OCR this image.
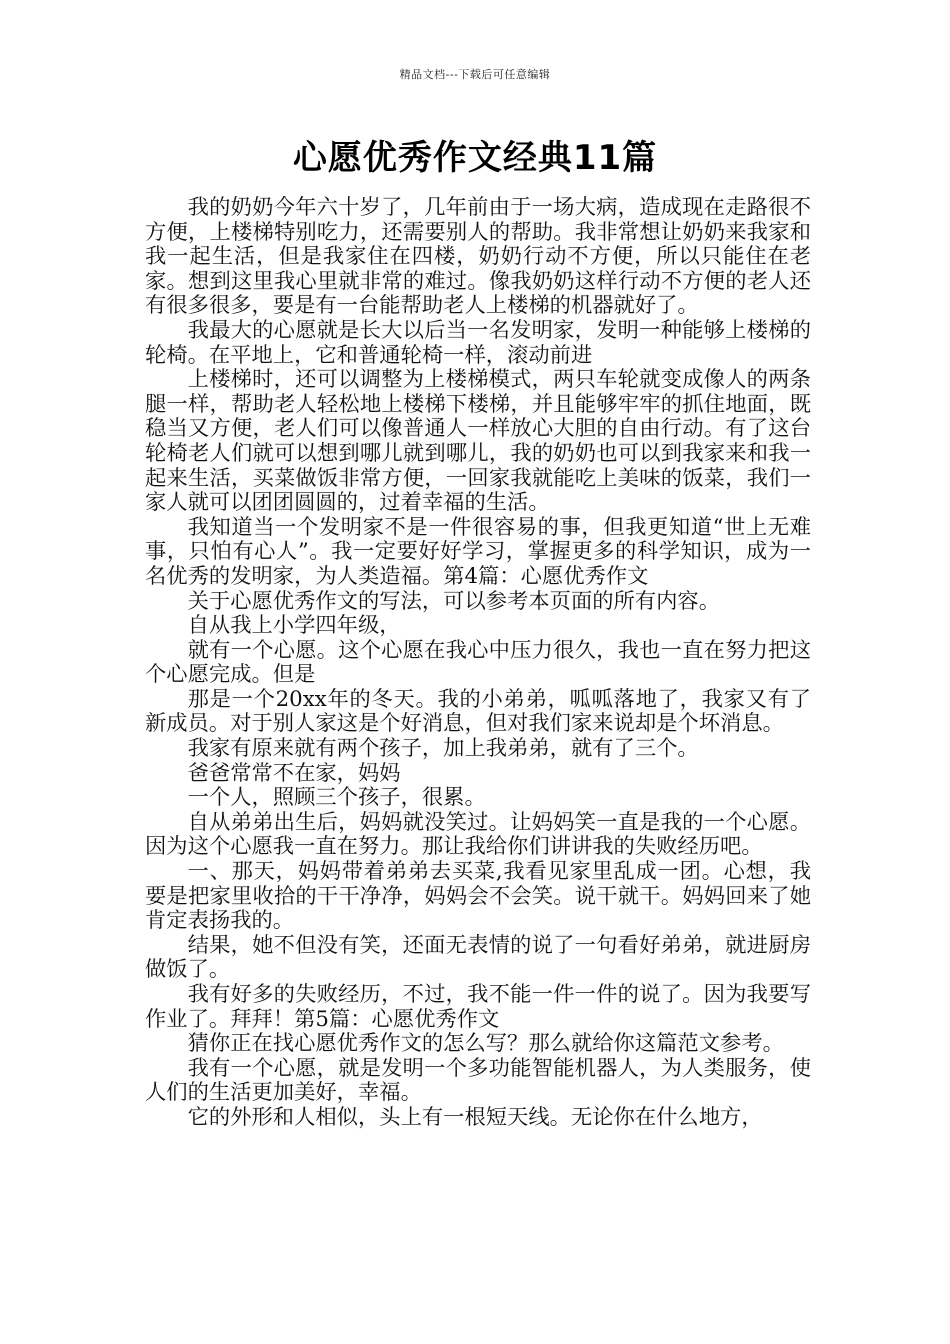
精品文档---下载后可任意编辑
心愿优秀作文经典11篇

我的奶奶今年六十岁了，几年前由于一场大病，造成现在走路很不方便，上楼梯特别吃力，还需要别人的帮助。我非常想让奶奶来我家和我一起生活，但是我家住在四楼，奶奶行动不方便，所以只能住在老家。想到这里我心里就非常的难过。像我奶奶这样行动不方便的老人还有很多很多，要是有一台能帮助老人上楼梯的机器就好了。

我最大的心愿就是长大以后当一名发明家，发明一种能够上楼梯的轮椅。在平地上，它和普通轮椅一样，滚动前进

上楼梯时，还可以调整为上楼梯模式，两只车轮就变成像人的两条腿一样，帮助老人轻松地上楼梯下楼梯，并且能够牢牢的抓住地面，既稳当又方便，老人们可以像普通人一样放心大胆的自由行动。有了这台轮椅老人们就可以想到哪儿就到哪儿，我的奶奶也可以到我家来和我一起来生活，买菜做饭非常方便，一回家我就能吃上美味的饭菜，我们一家人就可以团团圆圆的，过着幸福的生活。

我知道当一个发明家不是一件很容易的事，但我更知道“世上无难事，只怕有心人”。我一定要好好学习，掌握更多的科学知识，成为一名优秀的发明家，为人类造福。第4篇：心愿优秀作文

关于心愿优秀作文的写法，可以参考本页面的所有内容。

自从我上小学四年级，

就有一个心愿。这个心愿在我心中压力很久，我也一直在努力把这个心愿完成。但是

那是一个20xx年的冬天。我的小弟弟，呱呱落地了，我家又有了新成员。对于别人家这是个好消息，但对我们家来说却是个坏消息。

我家有原来就有两个孩子，加上我弟弟，就有了三个。

爸爸常常不在家，妈妈

一个人，照顾三个孩子，很累。

自从弟弟出生后，妈妈就没笑过。让妈妈笑一直是我的一个心愿。因为这个心愿我一直在努力。那让我给你们讲讲我的失败经历吧。

一、那天，妈妈带着弟弟去买菜,我看见家里乱成一团。心想，我要是把家里收拾的干干净净，妈妈会不会笑。说干就干。妈妈回来了她肯定表扬我的。

结果，她不但没有笑，还面无表情的说了一句看好弟弟，就进厨房做饭了。

我有好多的失败经历，不过，我不能一件一件的说了。因为我要写作业了。拜拜！第5篇：心愿优秀作文

猜你正在找心愿优秀作文的怎么写？那么就给你这篇范文参考。

我有一个心愿，就是发明一个多功能智能机器人，为人类服务，使人们的生活更加美好，幸福。

它的外形和人相似，头上有一根短天线。无论你在什么地方，
